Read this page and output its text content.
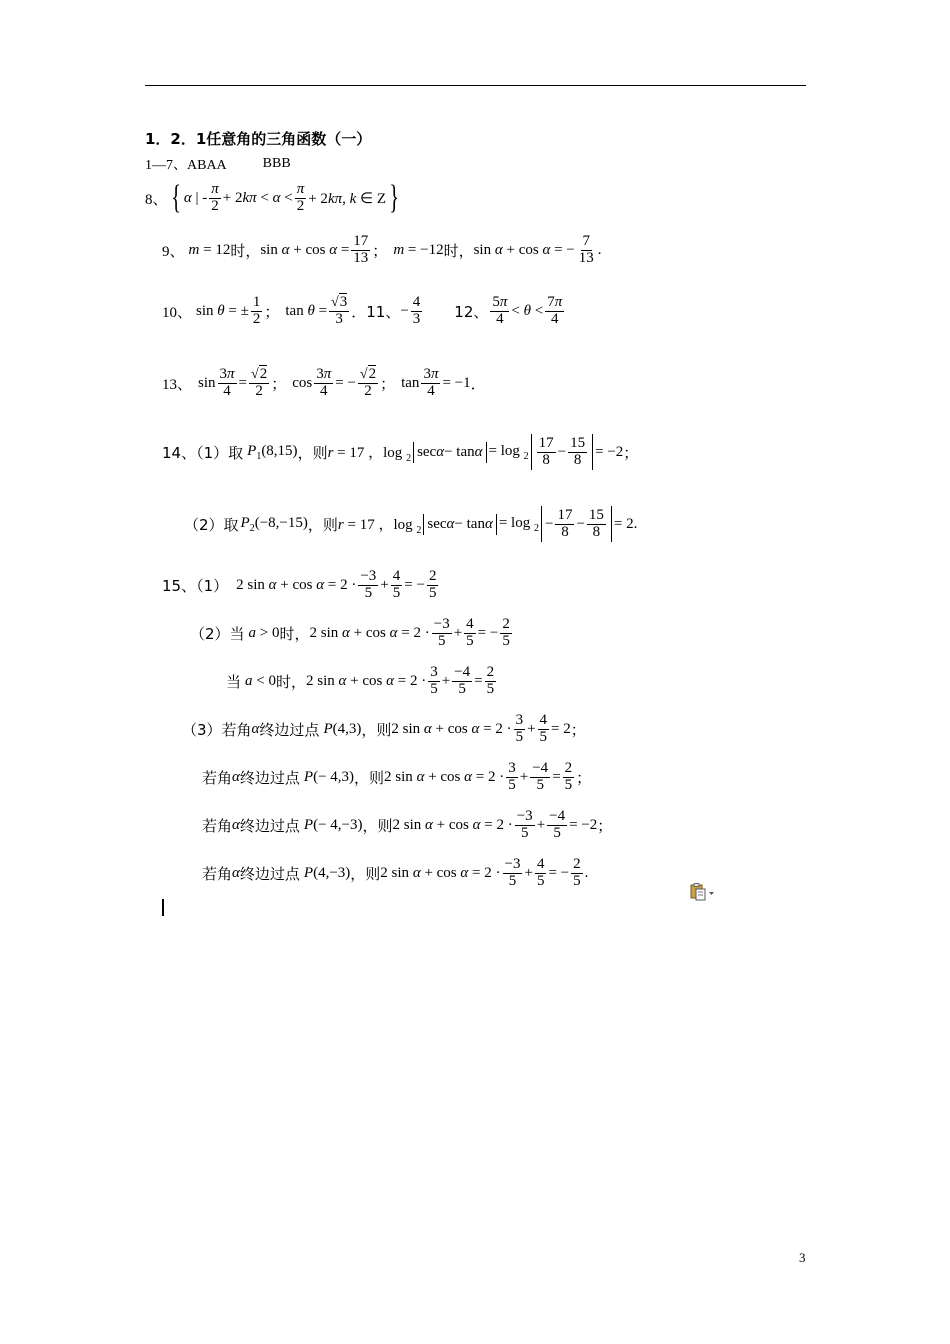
1．2．1任意角的三角函数（一）
1—7、ABAA	BBB
8、 { α | - $\frac{\pi}{2} + 2k\pi < \alpha < \frac{\pi}{2} + 2k\pi$, k ∈ Z }
9、 m = 12 时， $\sin \alpha + \cos \alpha = \frac{17}{13}$ ； m = −12 时， sin α + cos α = − $\frac{7}{13}$ .
10、 sin θ = ± $\frac{1}{2}$ ； $\tan \theta = \frac{√3}{3}$ ．11、 − $\frac{4}{3} 12$、 $\frac{5\pi}{4} < \theta < \frac{7\pi}{4}$
13、 $\sin \frac{3\pi}{4} = \frac{√2}{2}$ ； $\cos \frac{3\pi}{4}$ = − $\frac{√2}{2}$ ； $\tan \frac{3\pi}{4} = -1$ ．
14、（1）取 $P_1(8,15)$ ，则 r = 17 ，log $_2$ $\sec \alpha - \tan \alpha = \log _2 \frac{17}{8} - \frac{15}{8} = -2$ ；
（2）取 $P_2(-8,-15)$ ，则 r = 17 ，log $_2$ $\sec \alpha - \tan \alpha = \log _2 - \frac{17}{8} - \frac{15}{8} = 2$ .
15、（1） 2 $\sin \alpha + \cos \alpha = 2 \cdot \frac{-3}{5} + \frac{4}{5}$ = − $\frac{2}{5}$
（2）当 a > 0 时， 2 $\sin \alpha + \cos \alpha = 2 \cdot \frac{-3}{5} + \frac{4}{5}$ = − $\frac{2}{5}$
当 a < 0 时， 2 $\sin \alpha + \cos \alpha = 2 \cdot \frac{3}{5} + \frac{-4}{5} = \frac{2}{5}$
（3）若角 α 终边过点 P(4,3) ，则 2 $\sin \alpha + \cos \alpha = 2 \cdot \frac{3}{5} + \frac{4}{5} = 2$ ；
若角 α 终边过点 P(− 4,3) ，则 2 $\sin \alpha + \cos \alpha = 2 \cdot \frac{3}{5} + \frac{-4}{5} = \frac{2}{5}$ ；
若角 α 终边过点 P(− 4,−3) ，则 2 $\sin \alpha + \cos \alpha = 2 \cdot \frac{-3}{5} + \frac{-4}{5} = -2$ ；
若角 α 终边过点 P(4,−3) ，则 2 $\sin \alpha + \cos \alpha = 2 \cdot \frac{-3}{5} + \frac{4}{5}$ = − $\frac{2}{5}$ .
3
